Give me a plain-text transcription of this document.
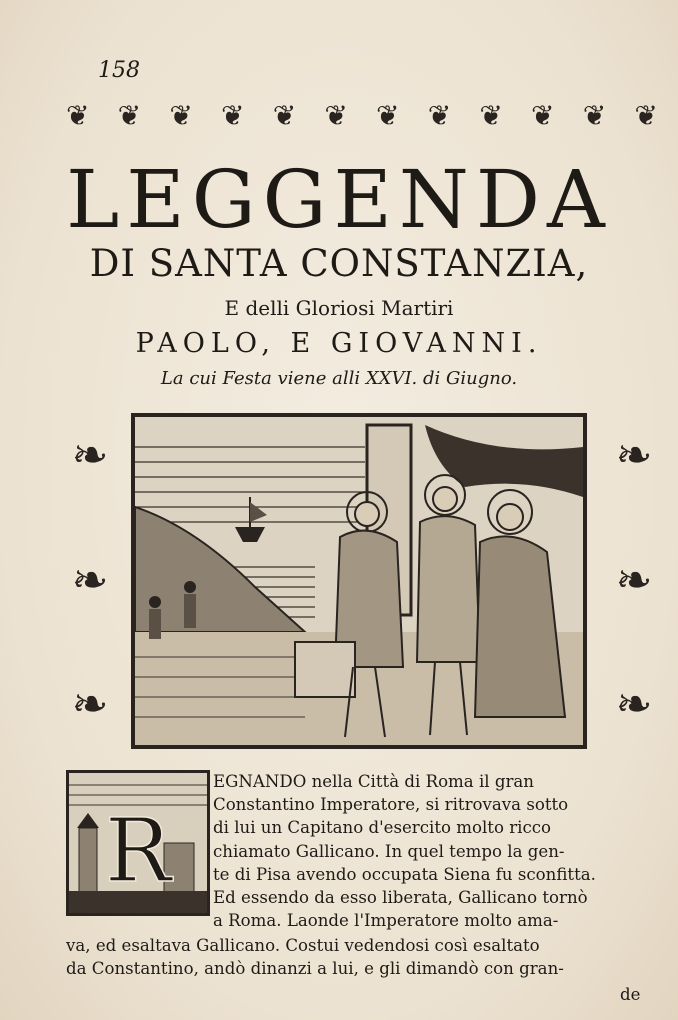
158
❦ ❦ ❦ ❦ ❦ ❦ ❦ ❦ ❦ ❦ ❦ ❦
LEGGENDA
DI SANTA CONSTANZIA,
E delli Gloriosi Martiri
PAOLO, E GIOVANNI.
La cui Festa viene alli XXVI. di Giugno.
❧
❧
❧
❧
❧
❧
R
EGNANDO nella Città di Roma il gran
Constantino Imperatore, si ritrovava sotto
di lui un Capitano d'esercito molto ricco
chiamato Gallicano. In quel tempo la gen-
te di Pisa avendo occupata Siena fu sconfitta.
Ed essendo da esso liberata, Gallicano tornò
a Roma. Laonde l'Imperatore molto ama-
va, ed esaltava Gallicano. Costui vedendosi così esaltato
da Constantino, andò dinanzi a lui, e gli dimandò con gran-
de
